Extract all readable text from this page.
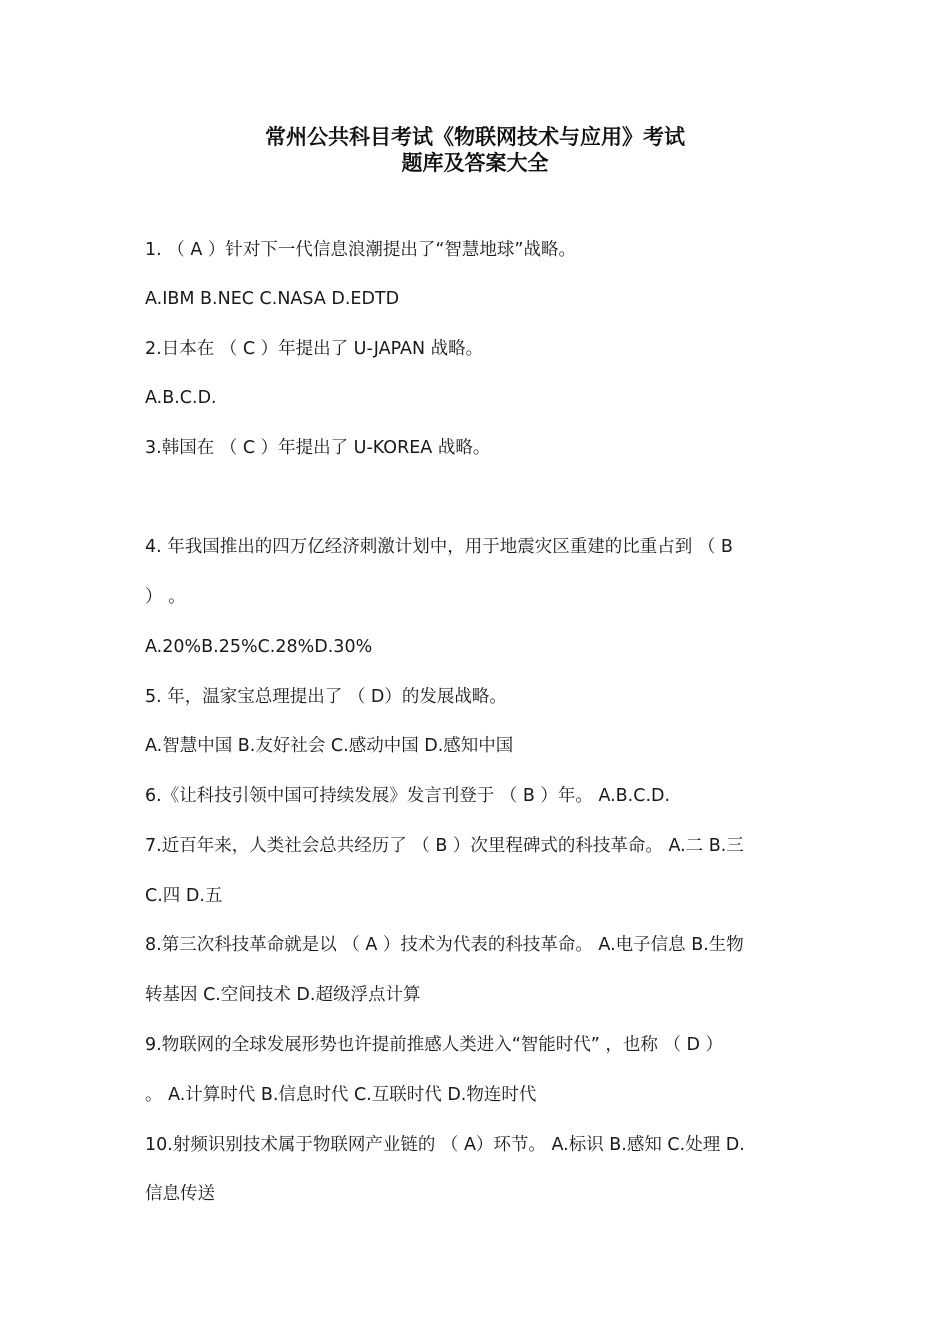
常州公共科目考试《物联网技术与应用》考试
题库及答案大全
1. （ A ）针对下一代信息浪潮提出了“智慧地球”战略。
A.IBM B.NEC C.NASA D.EDTD
2.日本在 （ C ）年提出了 U-JAPAN 战略。
A.B.C.D.
3.韩国在 （ C ）年提出了 U-KOREA 战略。
4. 年我国推出的四万亿经济刺激计划中，用于地震灾区重建的比重占到 （ B
） 。
A.20%B.25%C.28%D.30%
5. 年，温家宝总理提出了 （ D）的发展战略。
A.智慧中国 B.友好社会 C.感动中国 D.感知中国
6.《让科技引领中国可持续发展》发言刊登于 （ B ）年。 A.B.C.D.
7.近百年来，人类社会总共经历了 （ B ）次里程碑式的科技革命。 A.二 B.三
C.四 D.五
8.第三次科技革命就是以 （ A ）技术为代表的科技革命。 A.电子信息 B.生物
转基因 C.空间技术 D.超级浮点计算
9.物联网的全球发展形势也许提前推感人类进入“智能时代” ，也称 （ D ）
。 A.计算时代 B.信息时代 C.互联时代 D.物连时代
10.射频识别技术属于物联网产业链的 （ A）环节。 A.标识 B.感知 C.处理 D.
信息传送
